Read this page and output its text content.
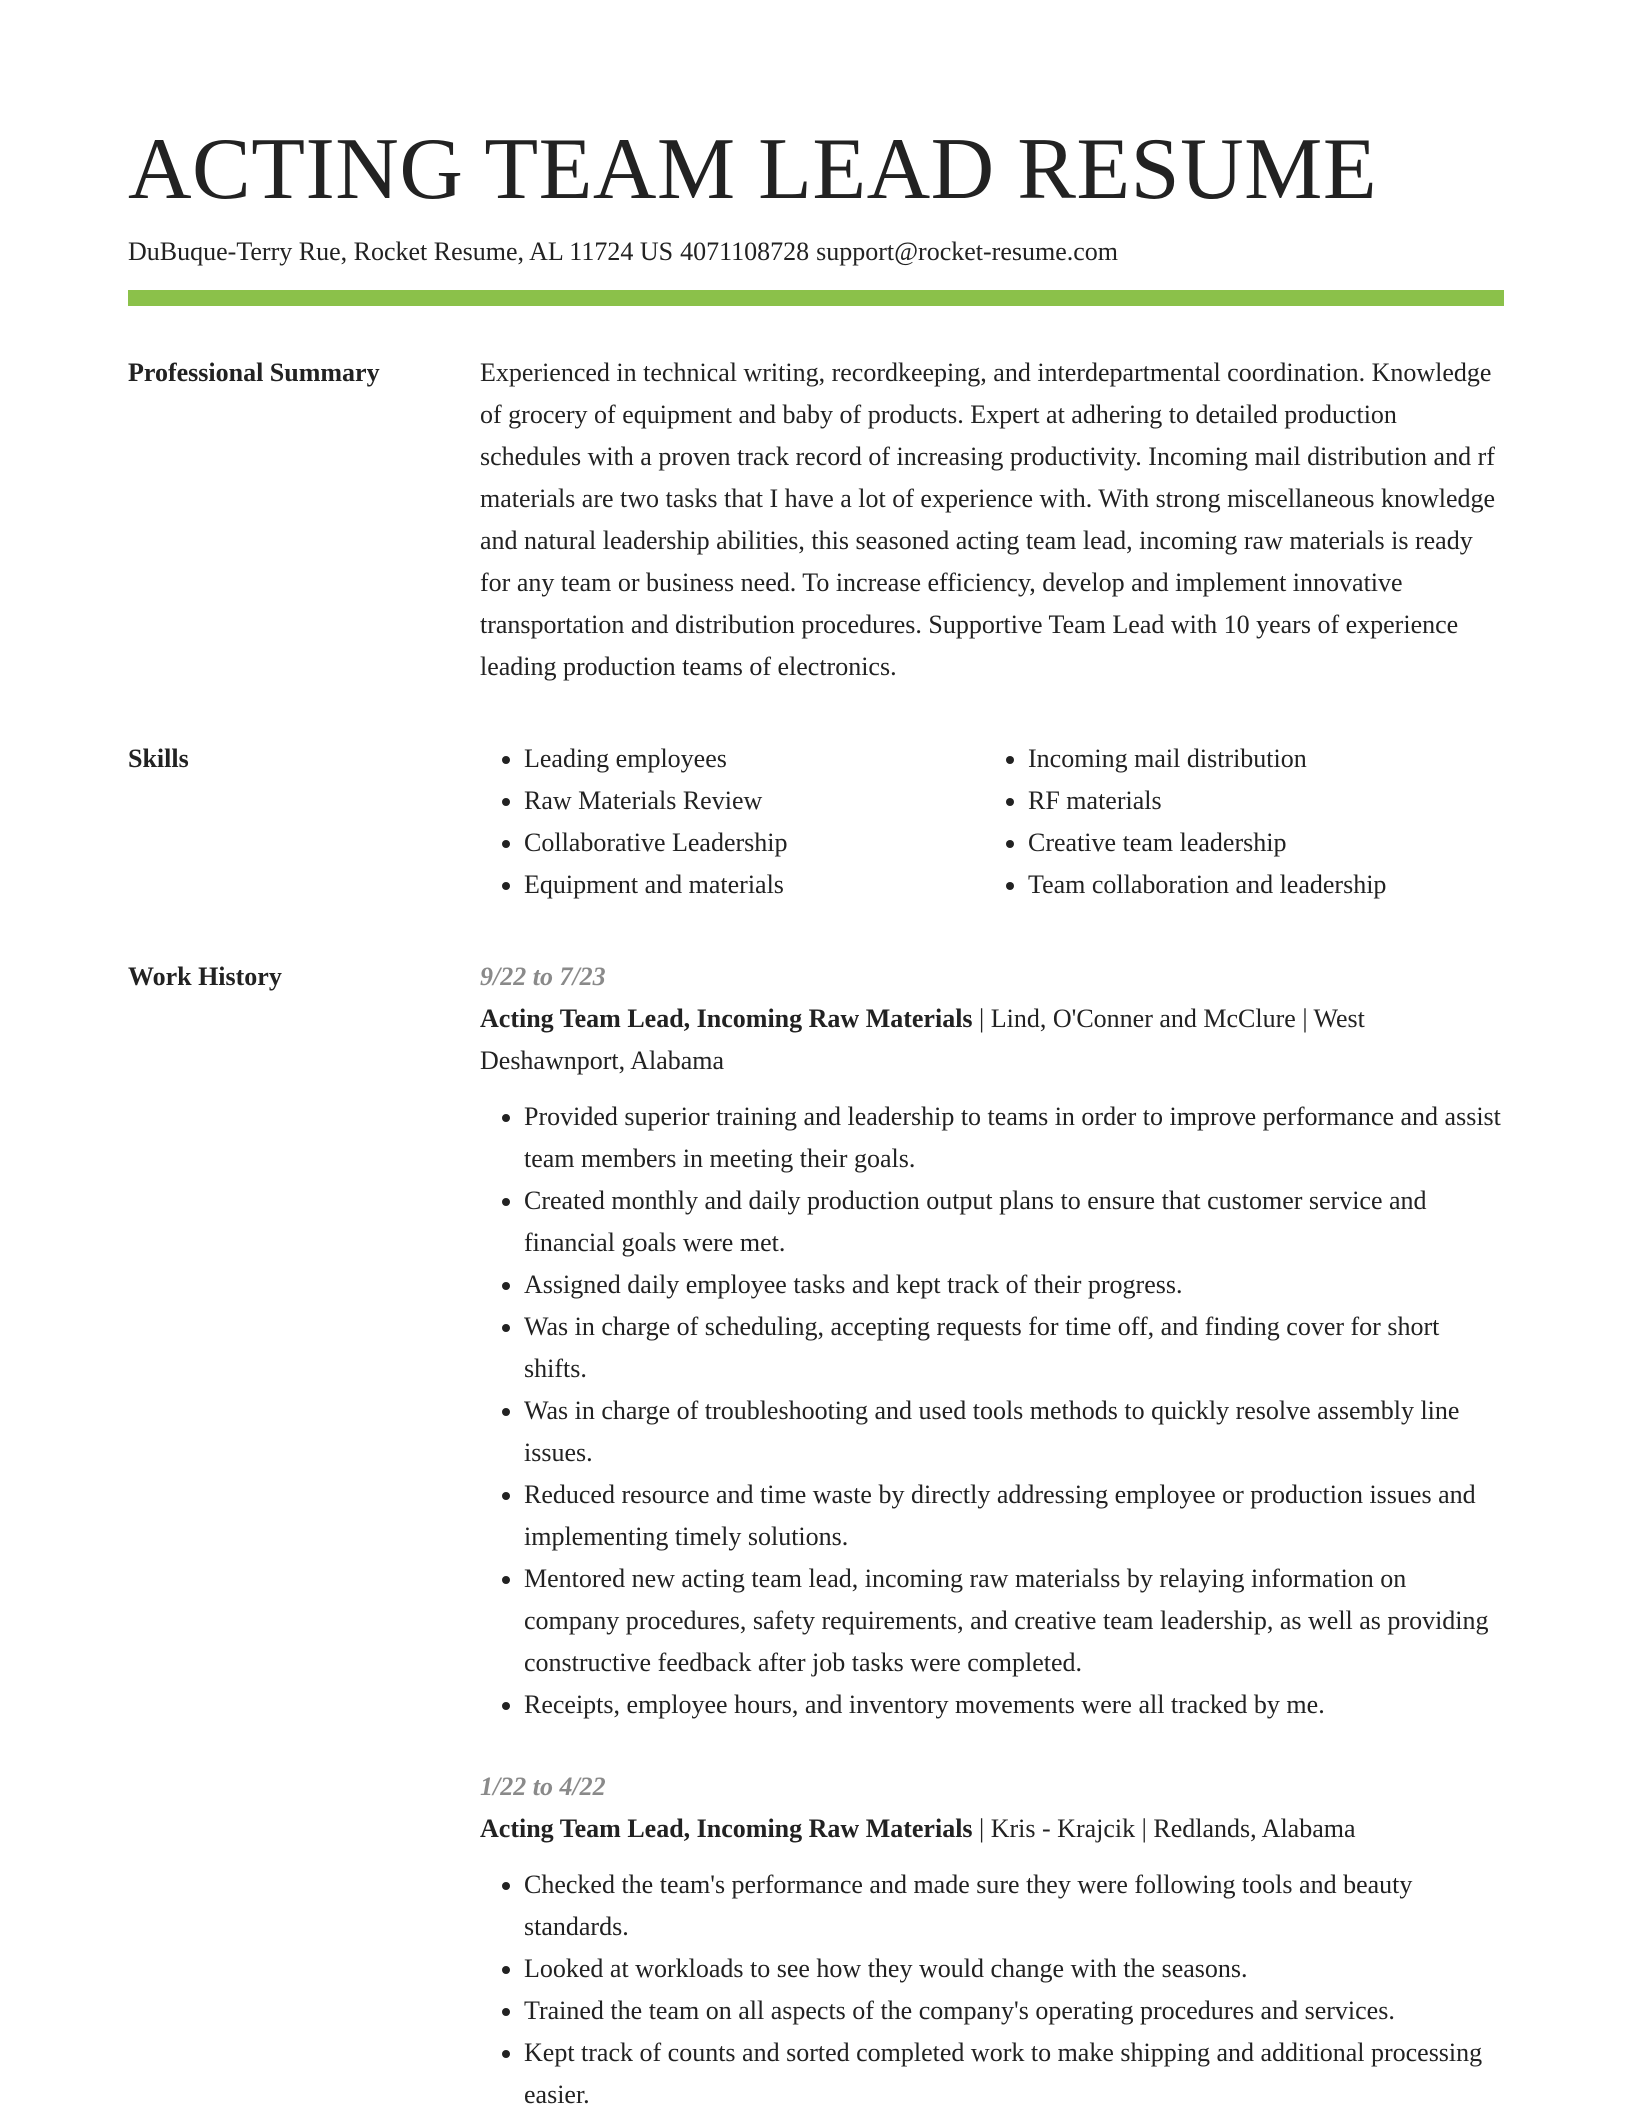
ACTING TEAM LEAD RESUME
DuBuque-Terry Rue, Rocket Resume, AL 11724 US 4071108728 support@rocket-resume.com
Professional Summary	Experienced in technical writing, recordkeeping, and interdepartmental coordination. Knowledge of grocery of equipment and baby of products. Expert at adhering to detailed production schedules with a proven track record of increasing productivity. Incoming mail distribution and rf materials are two tasks that I have a lot of experience with. With strong miscellaneous knowledge and natural leadership abilities, this seasoned acting team lead, incoming raw materials is ready for any team or business need. To increase efficiency, develop and implement innovative transportation and distribution procedures. Supportive Team Lead with 10 years of experience leading production teams of electronics.

Skills
•	Leading employees
• Raw Materials Review
• Collaborative Leadership
• Equipment and materials
• Incoming mail distribution
• RF materials
• Creative team leadership
• Team collaboration and leadership
Work History	9/22 to 7/23
Acting Team Lead, Incoming Raw Materials | Lind, O'Conner and McClure | West Deshawnport, Alabama
• Provided superior training and leadership to teams in order to improve performance and assist team members in meeting their goals.
• Created monthly and daily production output plans to ensure that customer service and financial goals were met.
• Assigned daily employee tasks and kept track of their progress.
• Was in charge of scheduling, accepting requests for time off, and finding cover for short shifts.
• Was in charge of troubleshooting and used tools methods to quickly resolve assembly line issues.
• Reduced resource and time waste by directly addressing employee or production issues and implementing timely solutions.
• Mentored new acting team lead, incoming raw materialss by relaying information on company procedures, safety requirements, and creative team leadership, as well as providing constructive feedback after job tasks were completed.
• Receipts, employee hours, and inventory movements were all tracked by me.
1/22 to 4/22
Acting Team Lead, Incoming Raw Materials | Kris - Krajcik | Redlands, Alabama
• Checked the team's performance and made sure they were following tools and beauty standards.
• Looked at workloads to see how they would change with the seasons.
• Trained the team on all aspects of the company's operating procedures and services.
• Kept track of counts and sorted completed work to make shipping and additional processing easier.
